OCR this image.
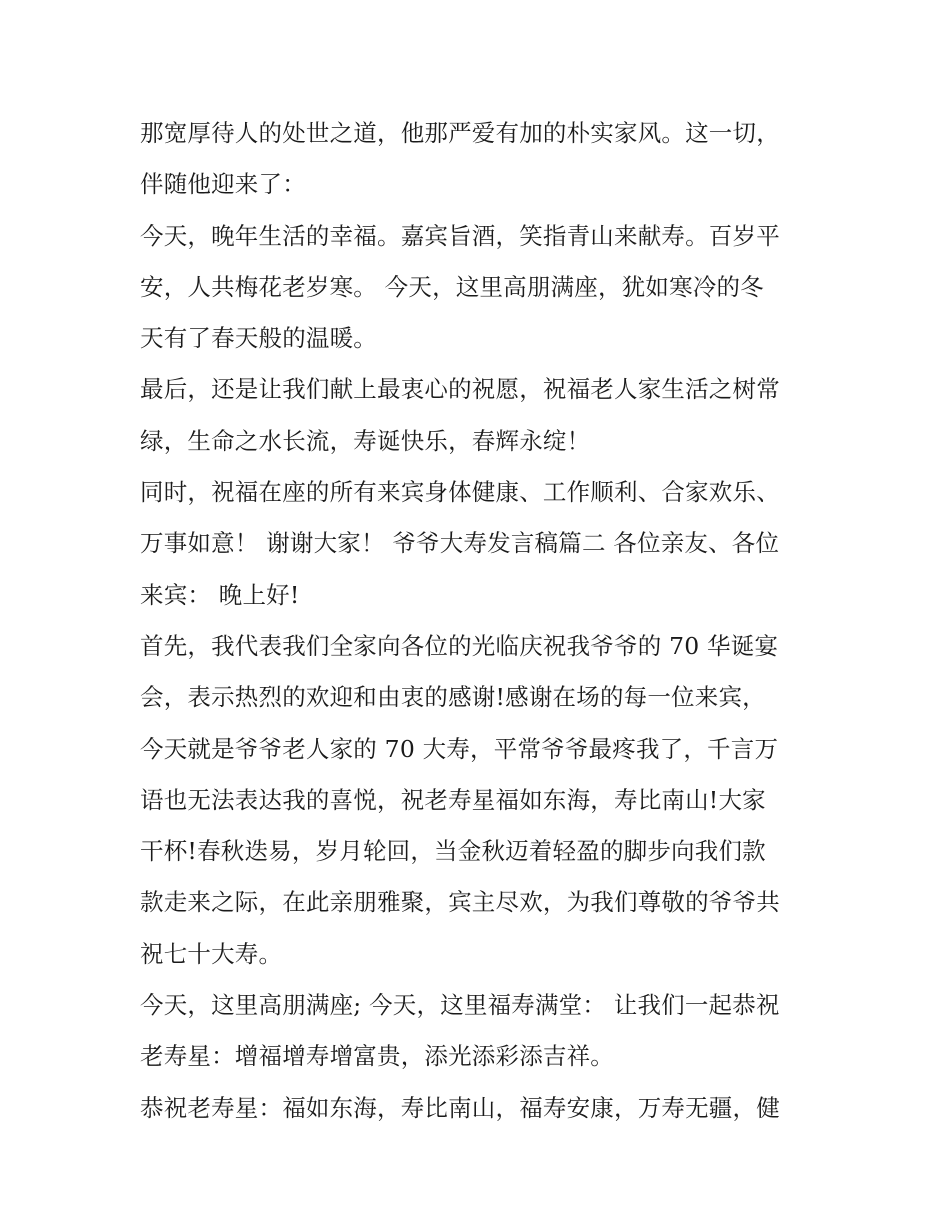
那宽厚待人的处世之道，他那严爱有加的朴实家风。这一切，
伴随他迎来了：
今天，晚年生活的幸福。嘉宾旨酒，笑指青山来献寿。百岁平
安，人共梅花老岁寒。 今天，这里高朋满座，犹如寒冷的冬
天有了春天般的温暖。
最后，还是让我们献上最衷心的祝愿，祝福老人家生活之树常
绿，生命之水长流，寿诞快乐，春辉永绽！
同时，祝福在座的所有来宾身体健康、工作顺利、合家欢乐、
万事如意！ 谢谢大家！ 爷爷大寿发言稿篇二 各位亲友、各位
来宾： 晚上好!
首先，我代表我们全家向各位的光临庆祝我爷爷的 70 华诞宴
会，表示热烈的欢迎和由衷的感谢!感谢在场的每一位来宾，
今天就是爷爷老人家的 70 大寿，平常爷爷最疼我了，千言万
语也无法表达我的喜悦，祝老寿星福如东海，寿比南山!大家
干杯!春秋迭易，岁月轮回，当金秋迈着轻盈的脚步向我们款
款走来之际，在此亲朋雅聚，宾主尽欢，为我们尊敬的爷爷共
祝七十大寿。
今天，这里高朋满座; 今天，这里福寿满堂： 让我们一起恭祝
老寿星：增福增寿增富贵，添光添彩添吉祥。
恭祝老寿星：福如东海，寿比南山，福寿安康，万寿无疆，健
